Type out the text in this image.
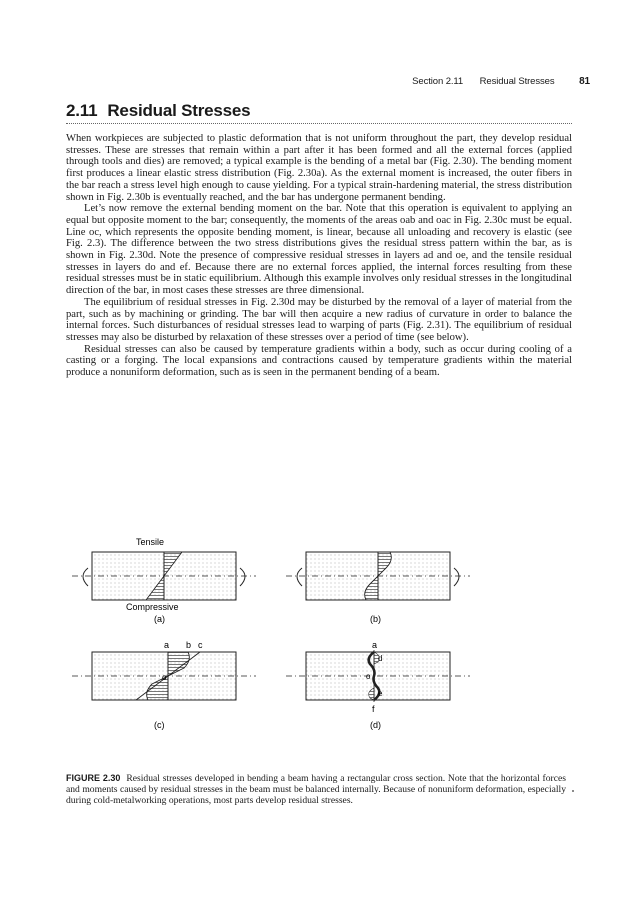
Section 2.11 Residual Stresses 81
2.11 Residual Stresses

When workpieces are subjected to plastic deformation that is not uniform throughout the part, they develop residual stresses. These are stresses that remain within a part after it has been formed and all the external forces (applied through tools and dies) are removed; a typical example is the bending of a metal bar (Fig. 2.30). The bending moment first produces a linear elastic stress distribution (Fig. 2.30a). As the external moment is increased, the outer fibers in the bar reach a stress level high enough to cause yielding. For a typical strain-hardening material, the stress distribution shown in Fig. 2.30b is eventually reached, and the bar has undergone permanent bending.

Let’s now remove the external bending moment on the bar. Note that this operation is equivalent to applying an equal but opposite moment to the bar; consequently, the moments of the areas oab and oac in Fig. 2.30c must be equal. Line oc, which represents the opposite bending moment, is linear, because all unloading and recovery is elastic (see Fig. 2.3). The difference between the two stress distributions gives the residual stress pattern within the bar, as is shown in Fig. 2.30d. Note the presence of compressive residual stresses in layers ad and oe, and the tensile residual stresses in layers do and ef. Because there are no external forces applied, the internal forces resulting from these residual stresses must be in static equilibrium. Although this example involves only residual stresses in the longitudinal direction of the bar, in most cases these stresses are three dimensional.

The equilibrium of residual stresses in Fig. 2.30d may be disturbed by the removal of a layer of material from the part, such as by machining or grinding. The bar will then acquire a new radius of curvature in order to balance the internal forces. Such disturbances of residual stresses lead to warping of parts (Fig. 2.31). The equilibrium of residual stresses may also be disturbed by relaxation of these stresses over a period of time (see below).

Residual stresses can also be caused by temperature gradients within a body, such as occur during cooling of a casting or a forging. The local expansions and contractions caused by temperature gradients within the material produce a nonuniform deformation, such as is seen in the permanent bending of a beam.

Tensile
Compressive
(a)	(b)
a b c
o
(c)
a
d
o
e
f
(d)
FIGURE 2.30 Residual stresses developed in bending a beam having a rectangular cross section. Note that the horizontal forces and moments caused by residual stresses in the beam must be balanced internally. Because of nonuniform deformation, especially during cold-metalworking operations, most parts develop residual stresses.
